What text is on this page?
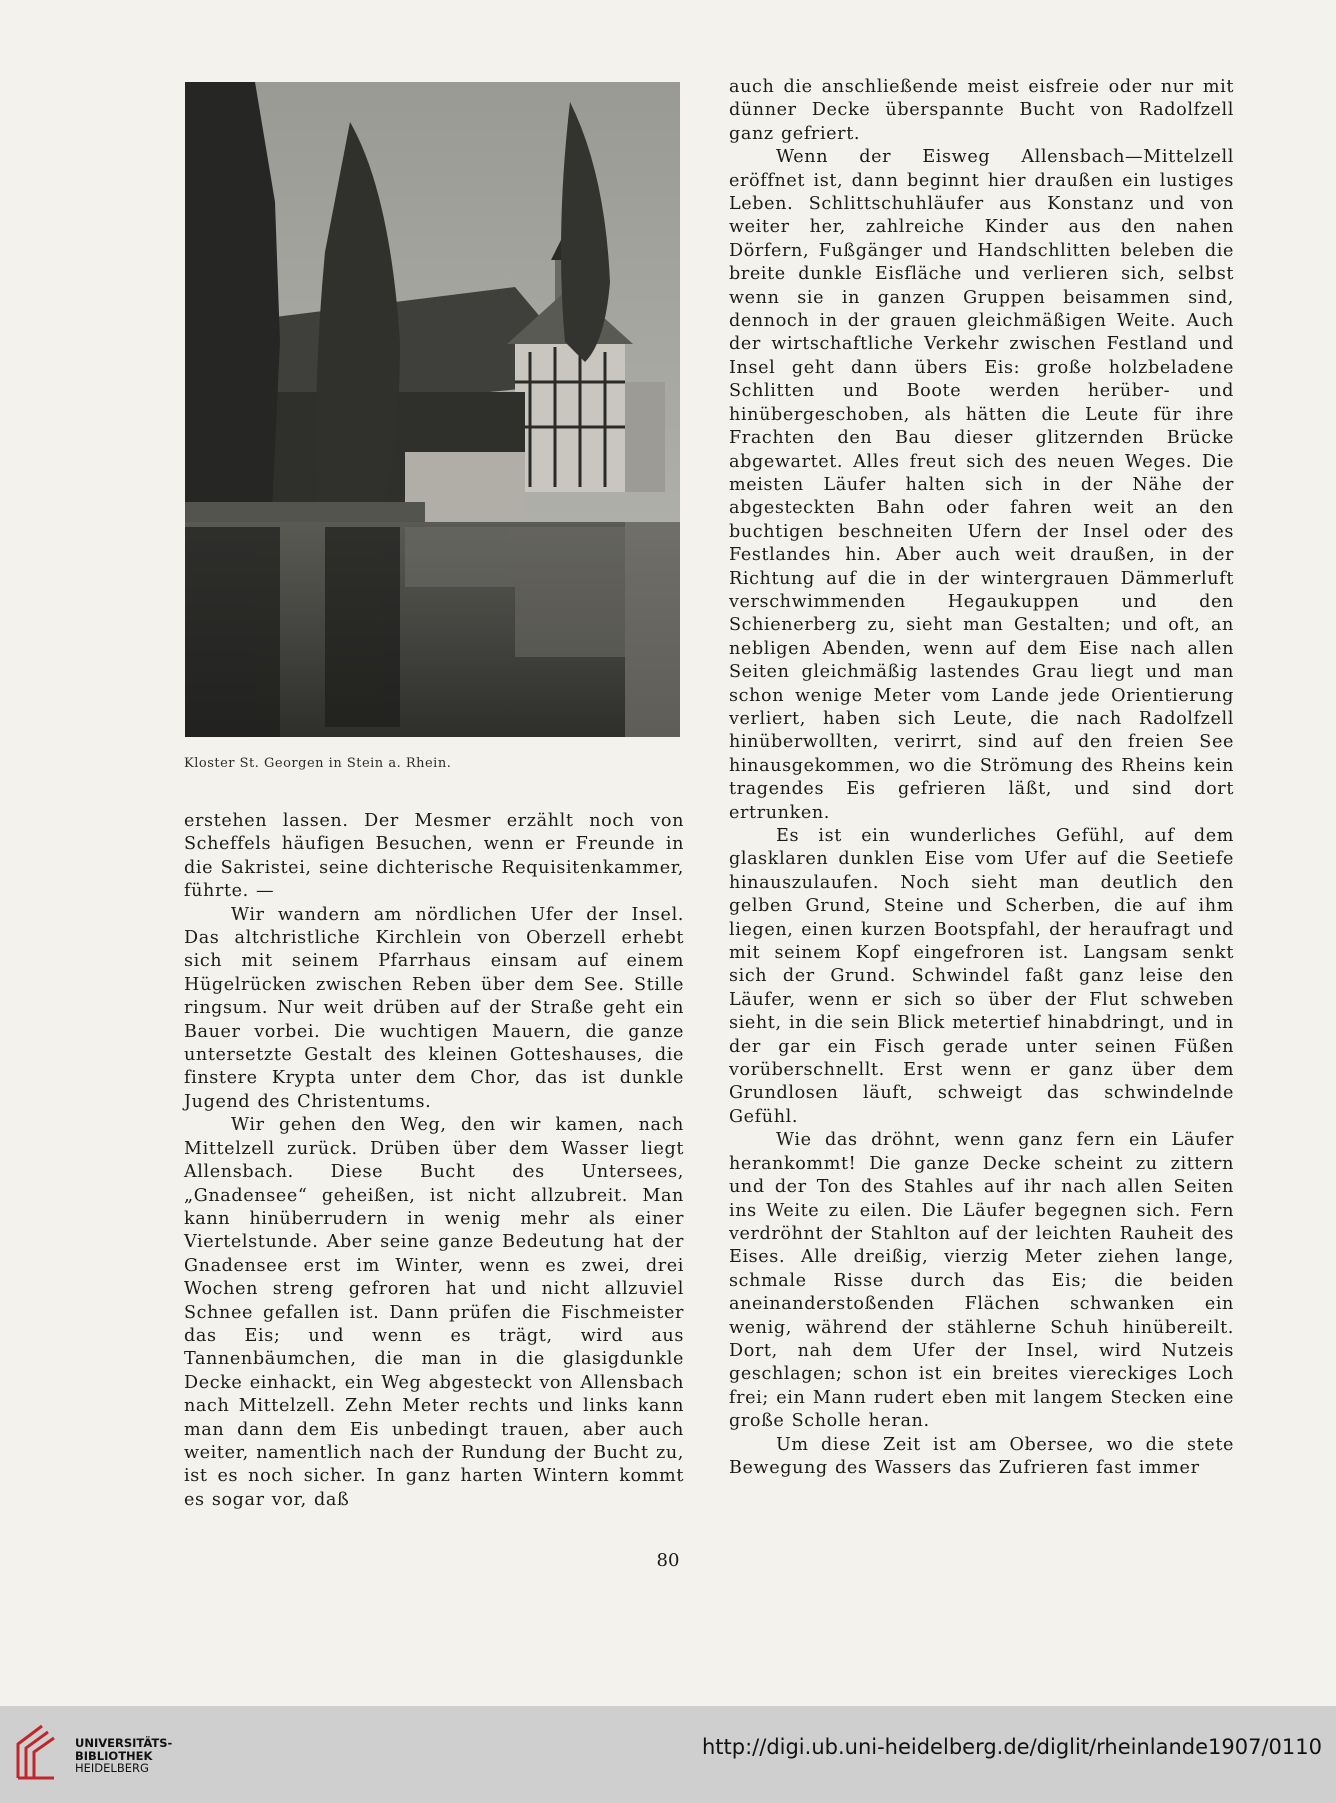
Kloster St. Georgen in Stein a. Rhein.

erstehen lassen. Der Mesmer erzählt noch von Scheffels häufigen Besuchen, wenn er Freunde in die Sakristei, seine dichterische Requisitenkammer, führte. —

Wir wandern am nördlichen Ufer der Insel. Das altchristliche Kirchlein von Oberzell erhebt sich mit seinem Pfarrhaus einsam auf einem Hügelrücken zwischen Reben über dem See. Stille ringsum. Nur weit drüben auf der Straße geht ein Bauer vorbei. Die wuchtigen Mauern, die ganze untersetzte Gestalt des kleinen Gotteshauses, die finstere Krypta unter dem Chor, das ist dunkle Jugend des Christentums.

Wir gehen den Weg, den wir kamen, nach Mittelzell zurück. Drüben über dem Wasser liegt Allensbach. Diese Bucht des Untersees, „Gnadensee“ geheißen, ist nicht allzubreit. Man kann hinüberrudern in wenig mehr als einer Viertelstunde. Aber seine ganze Bedeutung hat der Gnadensee erst im Winter, wenn es zwei, drei Wochen streng gefroren hat und nicht allzuviel Schnee gefallen ist. Dann prüfen die Fischmeister das Eis; und wenn es trägt, wird aus Tannenbäumchen, die man in die glasigdunkle Decke einhackt, ein Weg abgesteckt von Allensbach nach Mittelzell. Zehn Meter rechts und links kann man dann dem Eis unbedingt trauen, aber auch weiter, namentlich nach der Rundung der Bucht zu, ist es noch sicher. In ganz harten Wintern kommt es sogar vor, daß

auch die anschließende meist eisfreie oder nur mit dünner Decke überspannte Bucht von Radolfzell ganz gefriert.

Wenn der Eisweg Allensbach—Mittelzell eröffnet ist, dann beginnt hier draußen ein lustiges Leben. Schlittschuhläufer aus Konstanz und von weiter her, zahlreiche Kinder aus den nahen Dörfern, Fußgänger und Handschlitten beleben die breite dunkle Eisfläche und verlieren sich, selbst wenn sie in ganzen Gruppen beisammen sind, dennoch in der grauen gleichmäßigen Weite. Auch der wirtschaftliche Verkehr zwischen Festland und Insel geht dann übers Eis: große holzbeladene Schlitten und Boote werden herüber- und hinübergeschoben, als hätten die Leute für ihre Frachten den Bau dieser glitzernden Brücke abgewartet. Alles freut sich des neuen Weges. Die meisten Läufer halten sich in der Nähe der abgesteckten Bahn oder fahren weit an den buchtigen beschneiten Ufern der Insel oder des Festlandes hin. Aber auch weit draußen, in der Richtung auf die in der wintergrauen Dämmerluft verschwimmenden Hegaukuppen und den Schienerberg zu, sieht man Gestalten; und oft, an nebligen Abenden, wenn auf dem Eise nach allen Seiten gleichmäßig lastendes Grau liegt und man schon wenige Meter vom Lande jede Orientierung verliert, haben sich Leute, die nach Radolfzell hinüberwollten, verirrt, sind auf den freien See hinausgekommen, wo die Strömung des Rheins kein tragendes Eis gefrieren läßt, und sind dort ertrunken.

Es ist ein wunderliches Gefühl, auf dem glasklaren dunklen Eise vom Ufer auf die Seetiefe hinauszulaufen. Noch sieht man deutlich den gelben Grund, Steine und Scherben, die auf ihm liegen, einen kurzen Bootspfahl, der heraufragt und mit seinem Kopf eingefroren ist. Langsam senkt sich der Grund. Schwindel faßt ganz leise den Läufer, wenn er sich so über der Flut schweben sieht, in die sein Blick metertief hinabdringt, und in der gar ein Fisch gerade unter seinen Füßen vorüberschnellt. Erst wenn er ganz über dem Grundlosen läuft, schweigt das schwindelnde Gefühl.

Wie das dröhnt, wenn ganz fern ein Läufer herankommt! Die ganze Decke scheint zu zittern und der Ton des Stahles auf ihr nach allen Seiten ins Weite zu eilen. Die Läufer begegnen sich. Fern verdröhnt der Stahlton auf der leichten Rauheit des Eises. Alle dreißig, vierzig Meter ziehen lange, schmale Risse durch das Eis; die beiden aneinanderstoßenden Flächen schwanken ein wenig, während der stählerne Schuh hinübereilt. Dort, nah dem Ufer der Insel, wird Nutzeis geschlagen; schon ist ein breites viereckiges Loch frei; ein Mann rudert eben mit langem Stecken eine große Scholle heran.

Um diese Zeit ist am Obersee, wo die stete Bewegung des Wassers das Zufrieren fast immer

80
UNIVERSITÄTS-
BIBLIOTHEK
HEIDELBERG
http://digi.ub.uni-heidelberg.de/diglit/rheinlande1907/0110
